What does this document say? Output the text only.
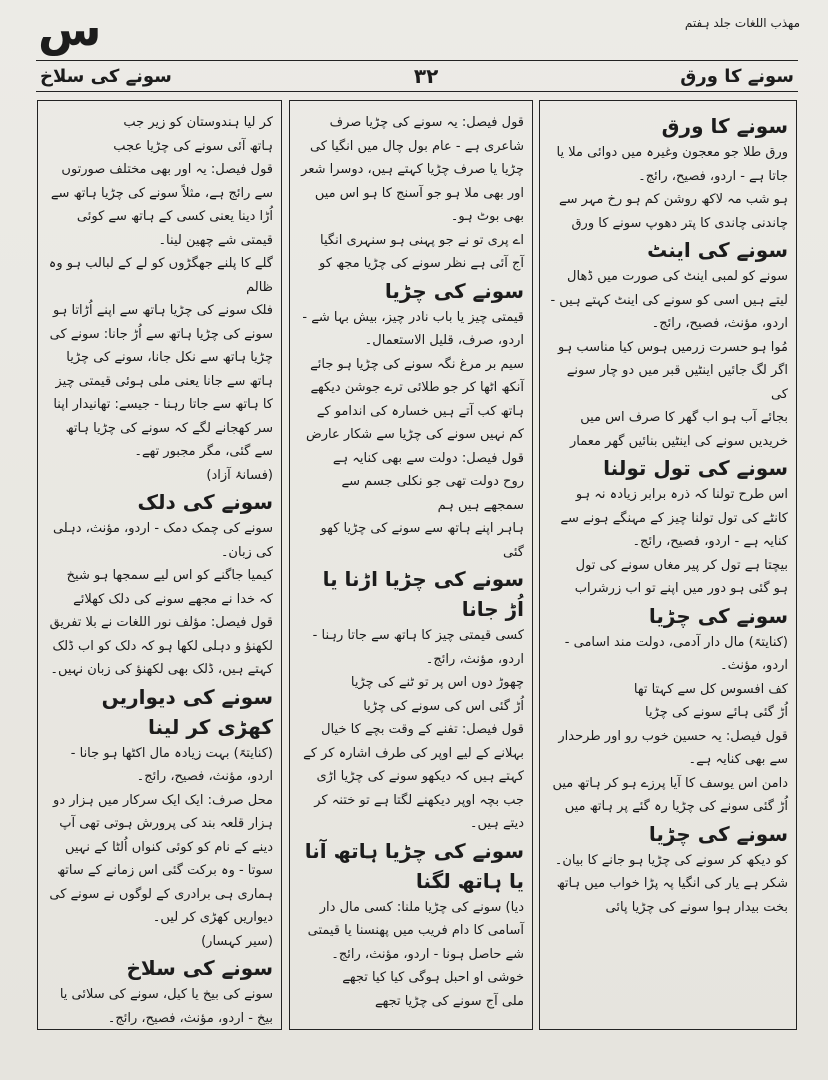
س	مهذب اللغات جلد ہفتم
سونے کا ورق
۳۲
سونے کی سلاخ
سونے کا ورق
ورق طلا جو معجون وغیرہ میں دوائی ملا یا جاتا ہے - اردو، فصیح، رائج۔
ہو شب مہ لاکھ روشن کم ہو رخ مہر سے
چاندنی چاندی کا پتر دھوپ سونے کا ورق
سونے کی اینٹ
سونے کو لمبی اینٹ کی صورت میں ڈھال لیتے ہیں اسی کو سونے کی اینٹ کہتے ہیں - اردو، مؤنث، فصیح، رائج۔
مُوا ہو حسرت زرمیں ہوس کیا مناسب ہو
اگر لگ جائیں اینٹیں قبر میں دو چار سونے کی
بجائے آب ہو اب گھر کا صرف اس میں
خریدیں سونے کی اینٹیں بنائیں گھر معمار
سونے کی تول تولنا
اس طرح تولنا کہ ذرہ برابر زیادہ نہ ہو کانٹے کی تول تولنا چیز کے مہنگے ہونے سے کنایہ ہے - اردو، فصیح، رائج۔
بیچتا ہے تول کر پیر مغاں سونے کی تول
ہو گئی ہو دور میں اپنے تو اب زرشراب
سونے کی چڑیا
(کنایتہً) مال دار آدمی، دولت مند اسامی - اردو، مؤنث۔
کف افسوس کل سے کہتا تھا
اُڑ گئی ہائے سونے کی چڑیا
قول فیصل: یہ حسین خوب رو اور طرحدار سے بھی کنایہ ہے۔
دامن اس یوسف کا آیا پرزے ہو کر ہاتھ میں
اُڑ گئی سونے کی چڑیا رہ گئے پر ہاتھ میں
سونے کی چڑیا
کو دیکھ کر سونے کی چڑیا ہو جانے کا بیان۔
شکر ہے یار کی انگیا پہ پڑا خواب میں ہاتھ
بخت بیدار ہوا سونے کی چڑیا پائی
قول فیصل: یہ سونے کی چڑیا صرف شاعری ہے - عام بول چال میں انگیا کی چڑیا یا صرف چڑیا کہتے ہیں، دوسرا شعر اور بھی ملا ہو جو آسنج کا ہو اس میں بھی بوٹ ہو۔
اے پری تو نے جو پہنی ہو سنہری انگیا
آج آئی ہے نظر سونے کی چڑیا مجھ کو
سونے کی چڑیا
قیمتی چیز یا باب نادر چیز، بیش بہا شے - اردو، صرف، قلیل الاستعمال۔
سیم بر مرغ نگہ سونے کی چڑیا ہو جائے
آنکھ اٹھا کر جو طلائی ترے جوشن دیکھے
ہاتھ کب آتے ہیں خسارہ کی اندامو کے
کم نہیں سونے کی چڑیا سے شکار عارض
قول فیصل: دولت سے بھی کنایہ ہے
روح دولت تھی جو نکلی جسم سے سمجھے ہیں ہم
ہاہر اپنے ہاتھ سے سونے کی چڑیا کھو گئی
سونے کی چڑیا اڑنا یا اُڑ جانا
کسی قیمتی چیز کا ہاتھ سے جاتا رہنا - اردو، مؤنث، رائج۔
چھوڑ دوں اس پر تو ٹنے کی چڑیا
اُڑ گئی اس کی سونے کی چڑیا
قول فیصل: تفنے کے وقت بچے کا خیال بہلانے کے لیے اوپر کی طرف اشارہ کر کے کہتے ہیں کہ دیکھو سونے کی چڑیا اڑی جب بچہ اوپر دیکھنے لگتا ہے تو ختنہ کر دیتے ہیں۔
سونے کی چڑیا ہاتھ آنا یا ہاتھ لگنا
دیا) سونے کی چڑیا ملنا: کسی مال دار آسامی کا دام فریب میں پھنسنا یا قیمتی شے حاصل ہونا - اردو، مؤنث، رائج۔
خوشی او احبل ہوگی کیا کیا تجھے
ملی آج سونے کی چڑیا تجھے
کر لیا ہندوستان کو زیر جب
ہاتھ آئی سونے کی چڑیا عجب
قول فیصل: یہ اور بھی مختلف صورتوں سے رائج ہے، مثلاً سونے کی چڑیا ہاتھ سے اُڑا دینا یعنی کسی کے ہاتھ سے کوئی قیمتی شے چھین لینا۔
گلے کا پلنے جھگڑوں کو لے کے لبالب ہو وہ ظالم
فلک سونے کی چڑیا ہاتھ سے اپنے اُڑاتا ہو
سونے کی چڑیا ہاتھ سے اُڑ جانا: سونے کی چڑیا ہاتھ سے نکل جانا، سونے کی چڑیا ہاتھ سے جانا یعنی ملی ہوئی قیمتی چیز کا ہاتھ سے جاتا رہنا - جیسے: تھانیدار اپنا سر کھجانے لگے کہ سونے کی چڑیا ہاتھ سے گئی، مگر مجبور تھے۔
(فسانۂ آزاد)
سونے کی دلک
سونے کی چمک دمک - اردو، مؤنث، دہلی کی زبان۔
کیمیا جاگنے کو اس لیے سمجھا ہو شیخ
کہ خدا نے مجھے سونے کی دلک کھلائے
قول فیصل: مؤلف نور اللغات نے بلا تفریق لکھنؤ و دہلی لکھا ہو کہ دلک کو اب ڈلک کہتے ہیں، ڈلک بھی لکھنؤ کی زبان نہیں۔
سونے کی دیواریں کھڑی کر لینا
(کنایتہً) بہت زیادہ مال اکٹھا ہو جانا - اردو، مؤنث، فصیح، رائج۔
محل صرف: ایک ایک سرکار میں ہزار دو ہزار قلعہ بند کی پرورش ہوتی تھی آپ دینے کے نام کو کوئی کنواں اُلٹا کے نہیں سوتا - وہ برکت گئی اس زمانے کے ساتھ ہماری ہی برادری کے لوگوں نے سونے کی دیواریں کھڑی کر لیں۔
(سیر کہسار)
سونے کی سلاخ
سونے کی بیخ یا کیل، سونے کی سلائی یا بیخ - اردو، مؤنث، فصیح، رائج۔
